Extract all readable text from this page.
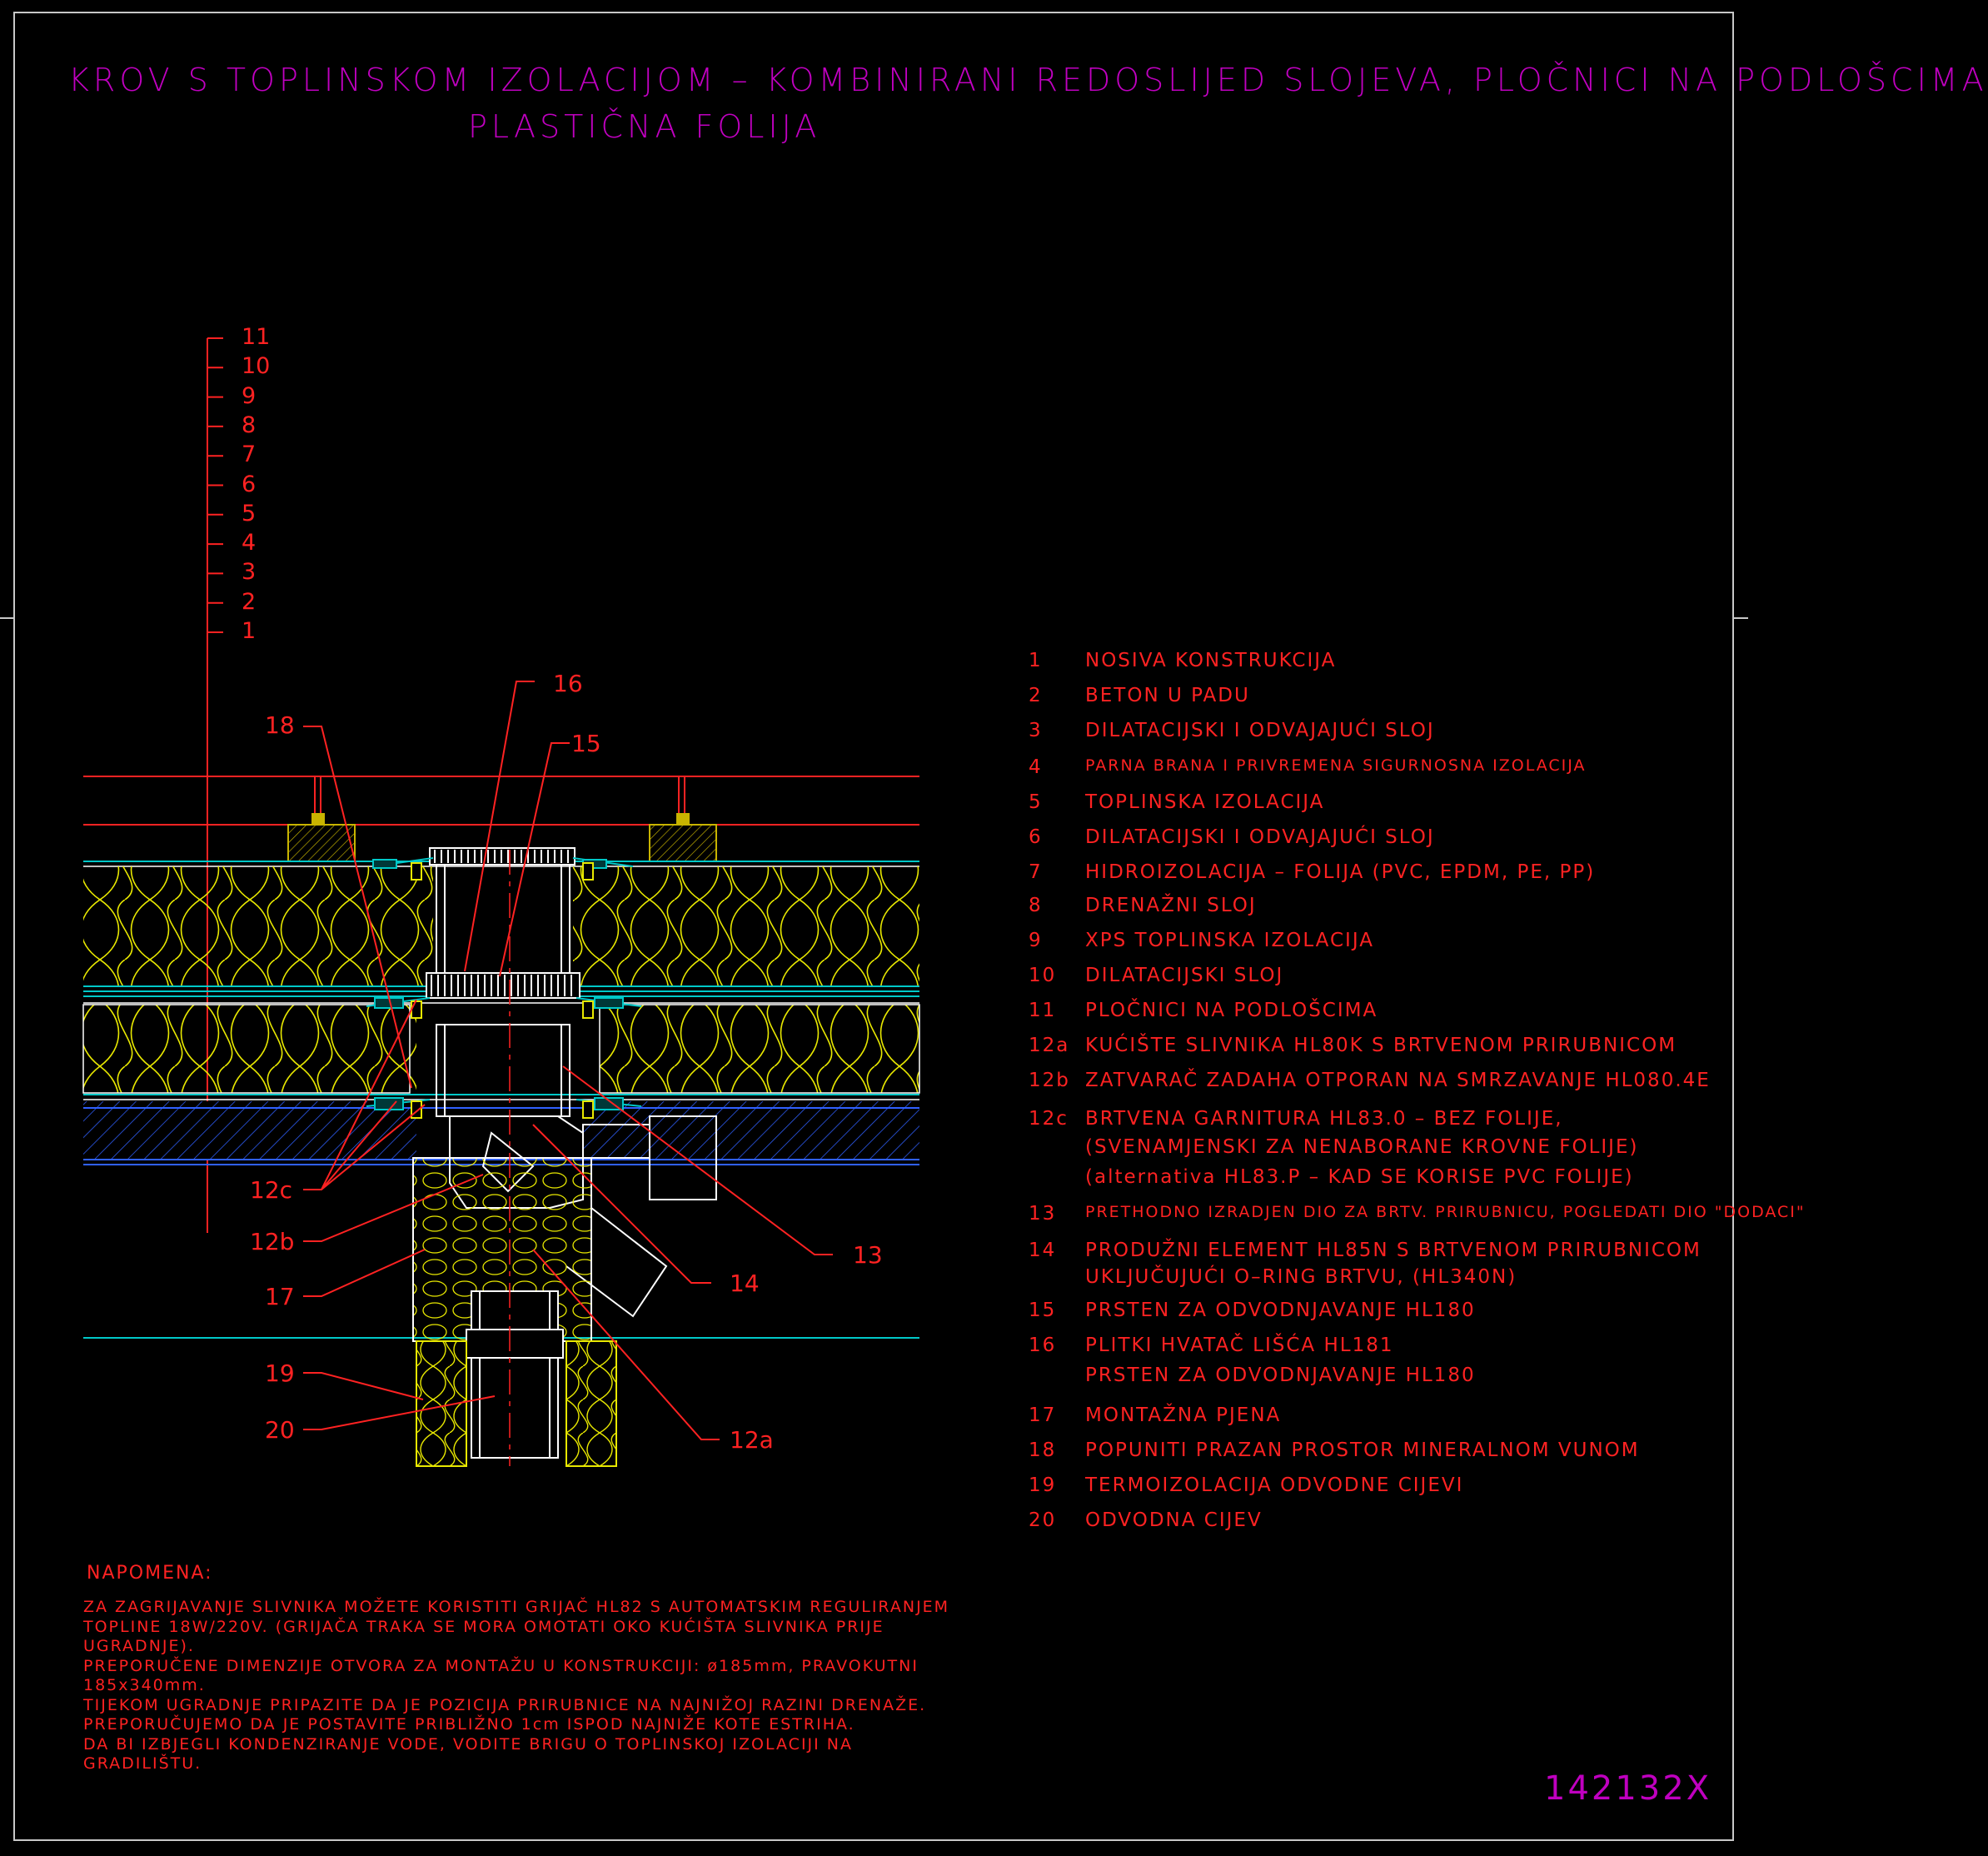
KROV S TOPLINSKOM IZOLACIJOM – KOMBINIRANI REDOSLIJED SLOJEVA, PLOČNICI NA PODLOŠCIMA
PLASTIČNA FOLIJA
11
10
9
8
7
6
5
4
3
2
1
16
15
18
13
14
12c
12b
17
19
20	12a
1	NOSIVA KONSTRUKCIJA
2	BETON U PADU
3	DILATACIJSKI I ODVAJAJUĆI SLOJ
4	PARNA BRANA I PRIVREMENA SIGURNOSNA IZOLACIJA
5	TOPLINSKA IZOLACIJA
6	DILATACIJSKI I ODVAJAJUĆI SLOJ
7	HIDROIZOLACIJA – FOLIJA (PVC, EPDM, PE, PP)
8	DRENAŽNI SLOJ
9	XPS TOPLINSKA IZOLACIJA
10	DILATACIJSKI SLOJ
11	PLOČNICI NA PODLOŠCIMA
12a KUĆIŠTE SLIVNIKA HL80K S BRTVENOM PRIRUBNICOM
12b ZATVARAČ ZADAHA OTPORAN NA SMRZAVANJE HL080.4E
12c BRTVENA GARNITURA HL83.0 – BEZ FOLIJE,
(SVENAMJENSKI ZA NENABORANE KROVNE FOLIJE)
(alternativa HL83.P – KAD SE KORISE PVC FOLIJE)
13	PRETHODNO IZRADJEN DIO ZA BRTV. PRIRUBNICU, POGLEDATI DIO "DODACI"
14	PRODUŽNI ELEMENT HL85N S BRTVENOM PRIRUBNICOM
UKLJUČUJUĆI O–RING BRTVU, (HL340N)
15	PRSTEN ZA ODVODNJAVANJE HL180
16	PLITKI HVATAČ LIŠĆA HL181
PRSTEN ZA ODVODNJAVANJE HL180
17	MONTAŽNA PJENA
18	POPUNITI PRAZAN PROSTOR MINERALNOM VUNOM
19	TERMOIZOLACIJA ODVODNE CIJEVI
20	ODVODNA CIJEV
NAPOMENA:
ZA ZAGRIJAVANJE SLIVNIKA MOŽETE KORISTITI GRIJAČ HL82 S AUTOMATSKIM REGULIRANJEM
TOPLINE 18W/220V. (GRIJAČA TRAKA SE MORA OMOTATI OKO KUĆIŠTA SLIVNIKA PRIJE
UGRADNJE).
PREPORUČENE DIMENZIJE OTVORA ZA MONTAŽU U KONSTRUKCIJI: ø185mm, PRAVOKUTNI
185x340mm.
TIJEKOM UGRADNJE PRIPAZITE DA JE POZICIJA PRIRUBNICE NA NAJNIŽOJ RAZINI DRENAŽE.
PREPORUČUJEMO DA JE POSTAVITE PRIBLIŽNO 1cm ISPOD NAJNIŽE KOTE ESTRIHA.
DA BI IZBJEGLI KONDENZIRANJE VODE, VODITE BRIGU O TOPLINSKOJ IZOLACIJI NA
GRADILIŠTU.
142132X
